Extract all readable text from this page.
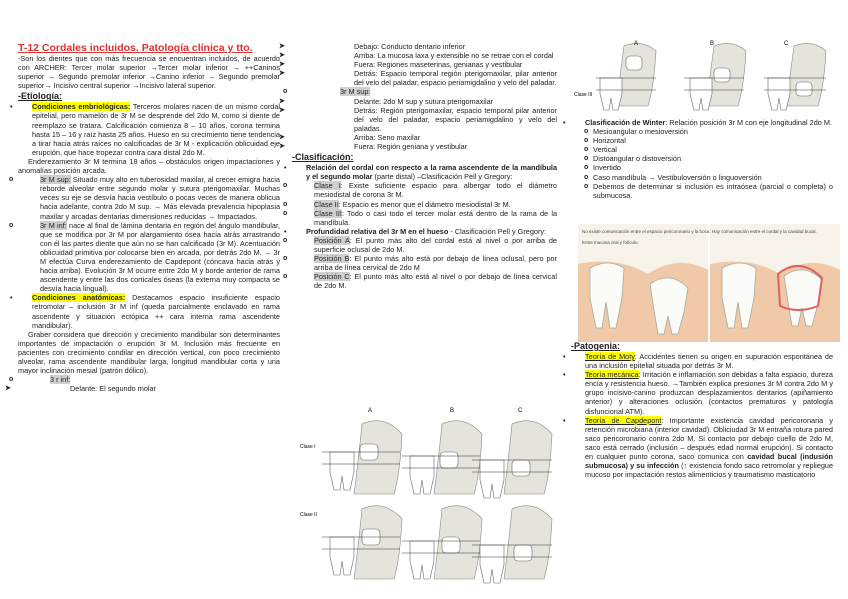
T-12 Cordales incluidos. Patología clínica y tto.

-Son los dientes que con más frecuencia se encuentran incluidos, de acuerdo con ARCHER: Tercer molar superior →Tercer molar inferior → ++Caninos superior → Segundo premolar inferior →Canino inferior → Segundo premolar superior→ Incisivo central superior →Incisivo lateral superior.

-Etiología:

• Condiciones embriológicas: Terceros molares nacen de un mismo cordal epitelial, pero mamelón de 3r M se desprende del 2do M, como si diente de reemplazo se tratara. Calcificación comienza 8 – 10 años, corona termina hasta 15 – 16 y raíz hasta 25 años. Hueso en su crecimiento tiene tendencia a tirar hacia atrás raíces no calcificadas de 3r M - explicación oblicuidad eje erupción, que hace tropezar contra cara distal 2do M.

Enderezamiento 3r M termina 18 años – obstáculos origen impactaciones y anomalías posición arcada.

o 3r M sup: Situado muy alto en tuberosidad maxilar, al crecer emigra hacia reborde alveolar entre segundo molar y sutura pterigomaxilar. Muchas veces su eje se desvía hacia vestíbulo o pocas veces de manera oblicua hacia adelante, contra 2do M sup. → Más elevada prevalencia hipoplasia maxilar y arcadas dentarias dimensiones reducidas → Impactados.

o 3r M inf: nace al final de lámina dentaria en región del ángulo mandibular, que se modifica por 3r M por alargamiento ósea hacia atrás arrastrando con él las partes diente que aún no se han calcificado (3r M). Acentuación oblicuidad primitiva por colocarse bien en arcada, por detrás 2do M. → 3r M efectúa Curva enderezamiento de Capdepont (cóncava hacia atrás y hacia arriba). Evolución 3r M ocurre entre 2do M y borde anterior de rama ascendente y entre las dos corticales óseas (la externa muy compacta se desvía hacia lingual).

• Condiciones anatómicas: Destacamos espacio insuficiente espacio retromolar – inclusión 3r M inf (queda parcialmente enclavado en rama ascendente y situación ectópica ++ cara interna rama ascendente mandibular).

Graber considera que dirección y crecimiento mandibular son determinantes importantes de impactación o erupción 3r M. Inclusión más frecuente en pacientes con crecimiento condilar en dirección vertical, con poco crecimiento alveolar, rama ascendente mandibular larga, longitud mandibular corta y una mayor inclinación mesial (patrón dólico).

o 3 r inf:

➤ Delante: El segundo molar

➤ Debajo: Conducto dentario inferior

➤ Arriba: La mucosa laxa y extensible no se retrae con el cordal

➤ Fuera: Regiones maseterinas, genianas y vestibular

➤ Detrás: Espacio temporal región pterigomaxilar, pilar anterior del velo del paladar, espacio periamigdalino y velo del paladar.

o 3r M sup:

➤ Delante: 2do M sup y sutura pterigomaxilar

➤ Detrás: Región pterigomaxilar, espacio temporal pilar anterior del velo del paladar, espacio periamigdalino y velo del paladas.

➤ Arriba: Seno maxilar

➤ Fuera: Región geniana y vestibular

-Clasificación:

• Relación del cordal con respecto a la rama ascendente de la mandíbula y el segundo molar (parte distal) –Clasificación Pell y Gregory:

o Clase I: Existe suficiente espacio para albergar todo el diámetro mesiodistal de corona 3r M.

o Clase II: Espacio es menor que el diámetro mesiodistal 3r M.

o Clase III: Todo o casi todo el tercer molar está dentro de la rama de la mandíbula.

• Profundidad relativa del 3r M en el hueso - Clasificación Pell y Gregory:

o Posición A: El punto más alto del cordal está al nivel o por arriba de superficie oclusal de 2do M.

o Posición B: El punto más alto está por debajo de línea oclusal, pero por arriba de línea cervical de 2do M

o Posición C: El punto más alto está al nivel o por debajo de línea cervical de 2do M.

A	B	C
Clase I
Clase II
A	B	C
Clase III

• Clasificación de Winter: Relación posición 3r M con eje longitudinal 2do M.

o Mesioangular o mesioversión

o Horizontal

o Vertical

o Distoangular o distoversión

o Invertido

o Caso mandíbula → Vestibuloversión o linguoversión

o Debemos de determinar si inclusión es intraósea (parcial o completa) o submucosa.

No existe comunicación entre el espacio pericoronario y la boca:
Entre mucosa oral y folículo.
Hay comunicación entre el cordal y la cavidad bucal.
-Patogenia:

• Teoría de Moty: Accidentes tienen su origen en supuración espontánea de una inclusión epitelial situada por detrás 3r M.

• Teoría mecánica: Irritación e inflamación son debidas a falta espacio, dureza encía y resistencia hueso. →También explica presiones 3r M contra 2do M y grupo incisivo-canino produzcan desplazamientos dentarios (apiñamiento anterior) y alteraciones oclusión (contactos prematuros y patología disfuncional ATM).

• Teoría de Capdepont: Importante existencia cavidad pericoronaria y retención microbiana (interior cavidad). Obliciudad 3r M entraña rotura pared saco pericoronario contra 2do M. Si contacto por debajo cuello de 2do M, saco está cerrado (inclusión – después edad normal erupción). Si contacto en cualquier punto corona, saco comunica con cavidad bucal (indusión submucosa) y su infección (↑ existencia fondo saco retromolar y repliegue mucoso por impactación restos alimenticios y traumatismo masticatorio
